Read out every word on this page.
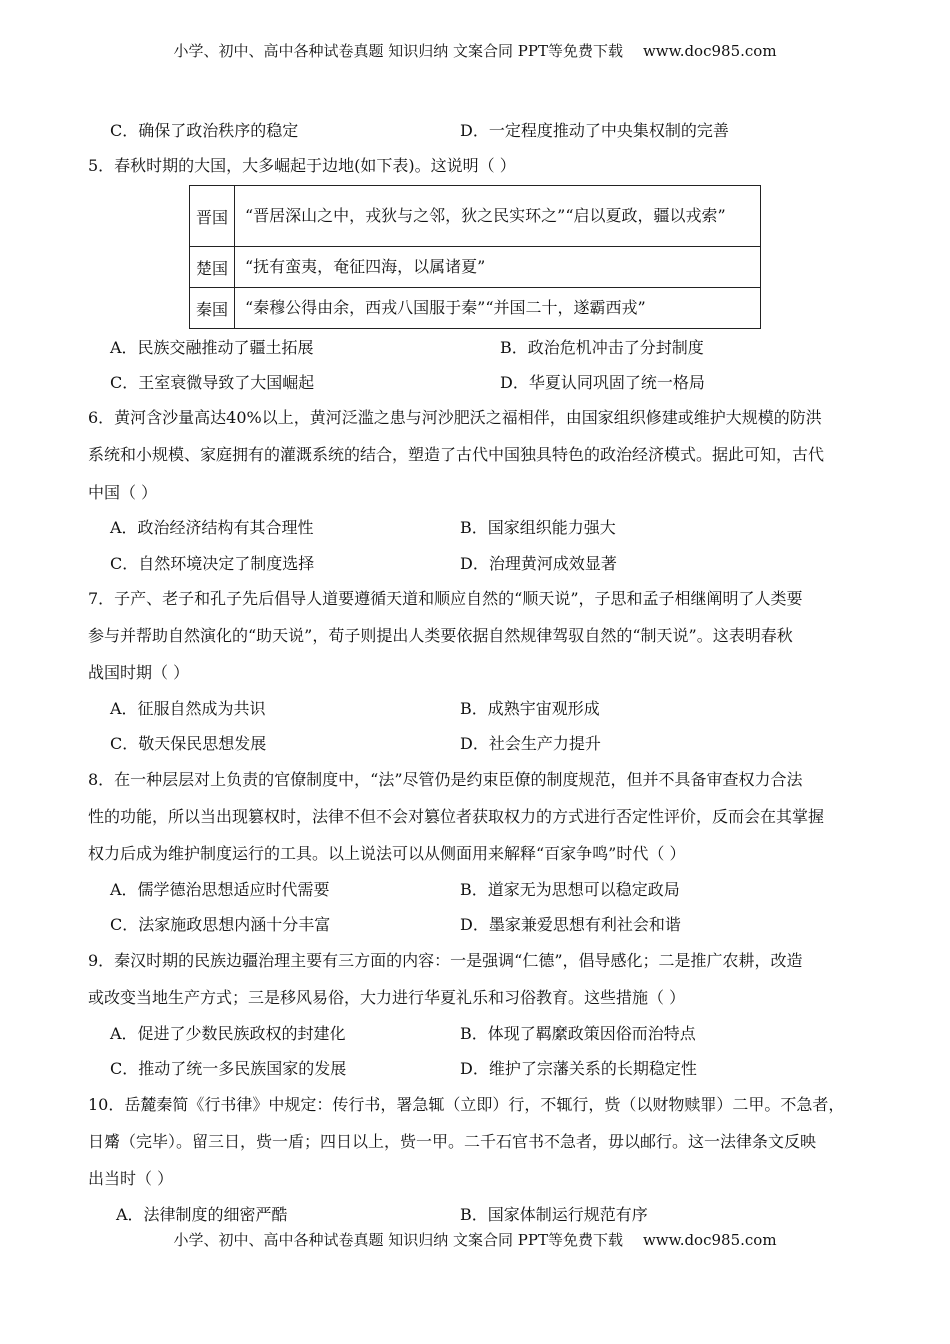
小学、初中、高中各种试卷真题 知识归纳 文案合同 PPT等免费下载 www.doc985.com
C．确保了政治秩序的稳定	D．一定程度推动了中央集权制的完善
5．春秋时期的大国，大多崛起于边地(如下表)。这说明（ ）
晋国	“晋居深山之中，戎狄与之邻，狄之民实环之”“启以夏政，疆以戎索”
楚国	“抚有蛮夷，奄征四海，以属诸夏”
秦国	“秦穆公得由余，西戎八国服于秦”“并国二十，遂霸西戎”
A．民族交融推动了疆土拓展	B．政治危机冲击了分封制度
C．王室衰微导致了大国崛起	D．华夏认同巩固了统一格局
6．黄河含沙量高达40%以上，黄河泛滥之患与河沙肥沃之福相伴，由国家组织修建或维护大规模的防洪
系统和小规模、家庭拥有的灌溉系统的结合，塑造了古代中国独具特色的政治经济模式。据此可知，古代
中国（ ）
A．政治经济结构有其合理性	B．国家组织能力强大
C．自然环境决定了制度选择	D．治理黄河成效显著
7．子产、老子和孔子先后倡导人道要遵循天道和顺应自然的“顺天说”，子思和孟子相继阐明了人类要
参与并帮助自然演化的“助天说”，荀子则提出人类要依据自然规律驾驭自然的“制天说”。这表明春秋
战国时期（ ）
A．征服自然成为共识	B．成熟宇宙观形成
C．敬天保民思想发展	D．社会生产力提升
8．在一种层层对上负责的官僚制度中，“法”尽管仍是约束臣僚的制度规范，但并不具备审查权力合法
性的功能，所以当出现篡权时，法律不但不会对篡位者获取权力的方式进行否定性评价，反而会在其掌握
权力后成为维护制度运行的工具。以上说法可以从侧面用来解释“百家争鸣”时代（ ）
A．儒学德治思想适应时代需要	B．道家无为思想可以稳定政局
C．法家施政思想内涵十分丰富	D．墨家兼爱思想有利社会和谐
9．秦汉时期的民族边疆治理主要有三方面的内容：一是强调“仁德”，倡导感化；二是推广农耕，改造
或改变当地生产方式；三是移风易俗，大力进行华夏礼乐和习俗教育。这些措施（ ）
A．促进了少数民族政权的封建化	B．体现了羁縻政策因俗而治特点
C．推动了统一多民族国家的发展	D．维护了宗藩关系的长期稳定性
10．岳麓秦简《行书律》中规定：传行书，署急辄（立即）行，不辄行，赀（以财物赎罪）二甲。不急者，
日觱（完毕）。留三日，赀一盾；四日以上，赀一甲。二千石官书不急者，毋以邮行。这一法律条文反映
出当时（ ）
A．法律制度的细密严酷	B．国家体制运行规范有序
小学、初中、高中各种试卷真题 知识归纳 文案合同 PPT等免费下载 www.doc985.com
